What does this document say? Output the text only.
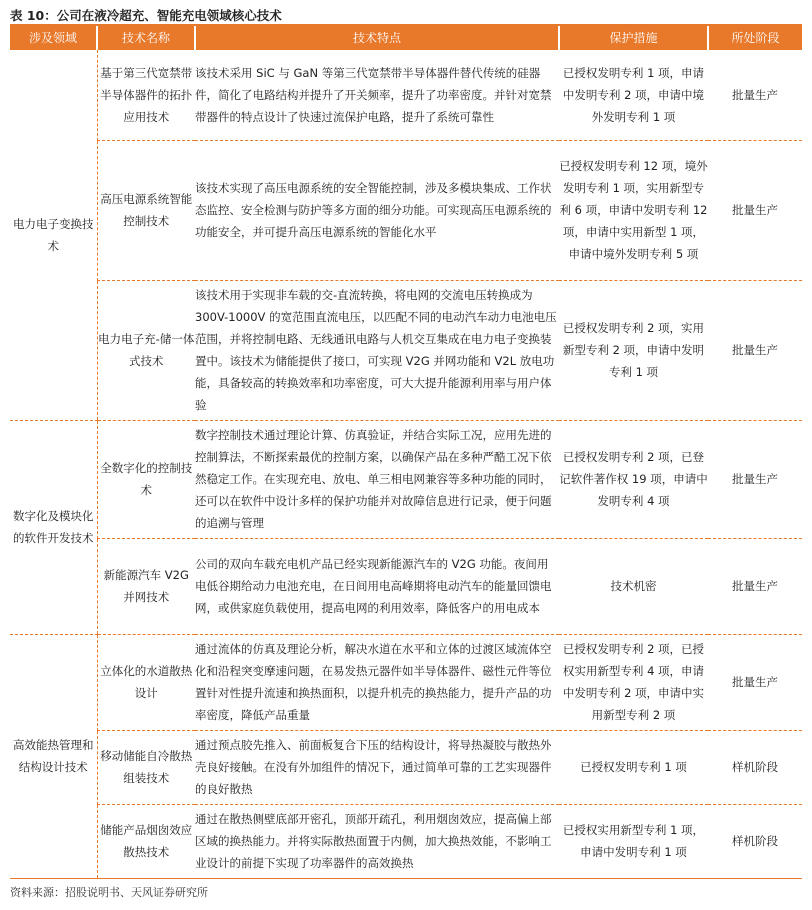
表 10：公司在液冷超充、智能充电领域核心技术
涉及领域	技术名称	技术特点	保护措施	所处阶段
电力电子变换技术	基于第三代宽禁带半导体器件的拓扑应用技术	该技术采用 SiC 与 GaN 等第三代宽禁带半导体器件替代传统的硅器件，简化了电路结构并提升了开关频率，提升了功率密度。并针对宽禁带器件的特点设计了快速过流保护电路，提升了系统可靠性	已授权发明专利 1 项，申请中发明专利 2 项，申请中境外发明专利 1 项	批量生产
	高压电源系统智能控制技术	该技术实现了高压电源系统的安全智能控制，涉及多模块集成、工作状态监控、安全检测与防护等多方面的细分功能。可实现高压电源系统的功能安全，并可提升高压电源系统的智能化水平	已授权发明专利 12 项，境外发明专利 1 项，实用新型专利 6 项，申请中发明专利 12 项，申请中实用新型 1 项，申请中境外发明专利 5 项	批量生产
	电力电子充-储一体式技术	该技术用于实现非车载的交-直流转换，将电网的交流电压转换成为 300V-1000V 的宽范围直流电压，以匹配不同的电动汽车动力电池电压范围，并将控制电路、无线通讯电路与人机交互集成在电力电子变换装置中。该技术为储能提供了接口，可实现 V2G 并网功能和 V2L 放电功能，具备较高的转换效率和功率密度，可大大提升能源利用率与用户体验	已授权发明专利 2 项，实用新型专利 2 项，申请中发明专利 1 项	批量生产
数字化及模块化的软件开发技术	全数字化的控制技术	数字控制技术通过理论计算、仿真验证，并结合实际工况，应用先进的控制算法，不断探索最优的控制方案，以确保产品在多种严酷工况下依然稳定工作。在实现充电、放电、单三相电网兼容等多种功能的同时，还可以在软件中设计多样的保护功能并对故障信息进行记录，便于问题的追溯与管理	已授权发明专利 2 项，已登记软件著作权 19 项，申请中发明专利 4 项	批量生产
	新能源汽车 V2G 并网技术	公司的双向车载充电机产品已经实现新能源汽车的 V2G 功能。夜间用电低谷期给动力电池充电，在日间用电高峰期将电动汽车的能量回馈电网，或供家庭负载使用，提高电网的利用效率，降低客户的用电成本	技术机密	批量生产
高效能热管理和结构设计技术	立体化的水道散热设计	通过流体的仿真及理论分析，解决水道在水平和立体的过渡区域流体空化和沿程突变摩速问题，在易发热元器件如半导体器件、磁性元件等位置针对性提升流速和换热面积，以提升机壳的换热能力，提升产品的功率密度，降低产品重量	已授权发明专利 2 项，已授权实用新型专利 4 项，申请中发明专利 2 项，申请中实用新型专利 2 项	批量生产
	移动储能自冷散热组装技术	通过预点胶先推入、前面板复合下压的结构设计，将导热凝胶与散热外壳良好接触。在没有外加组件的情况下，通过简单可靠的工艺实现器件的良好散热	已授权发明专利 1 项	样机阶段
	储能产品烟囱效应散热技术	通过在散热侧壁底部开密孔，顶部开疏孔，利用烟囱效应，提高偏上部区域的换热能力。并将实际散热面置于内侧，加大换热效能，不影响工业设计的前提下实现了功率器件的高效换热	已授权实用新型专利 1 项，申请中发明专利 1 项	样机阶段
资料来源：招股说明书、天风证券研究所
